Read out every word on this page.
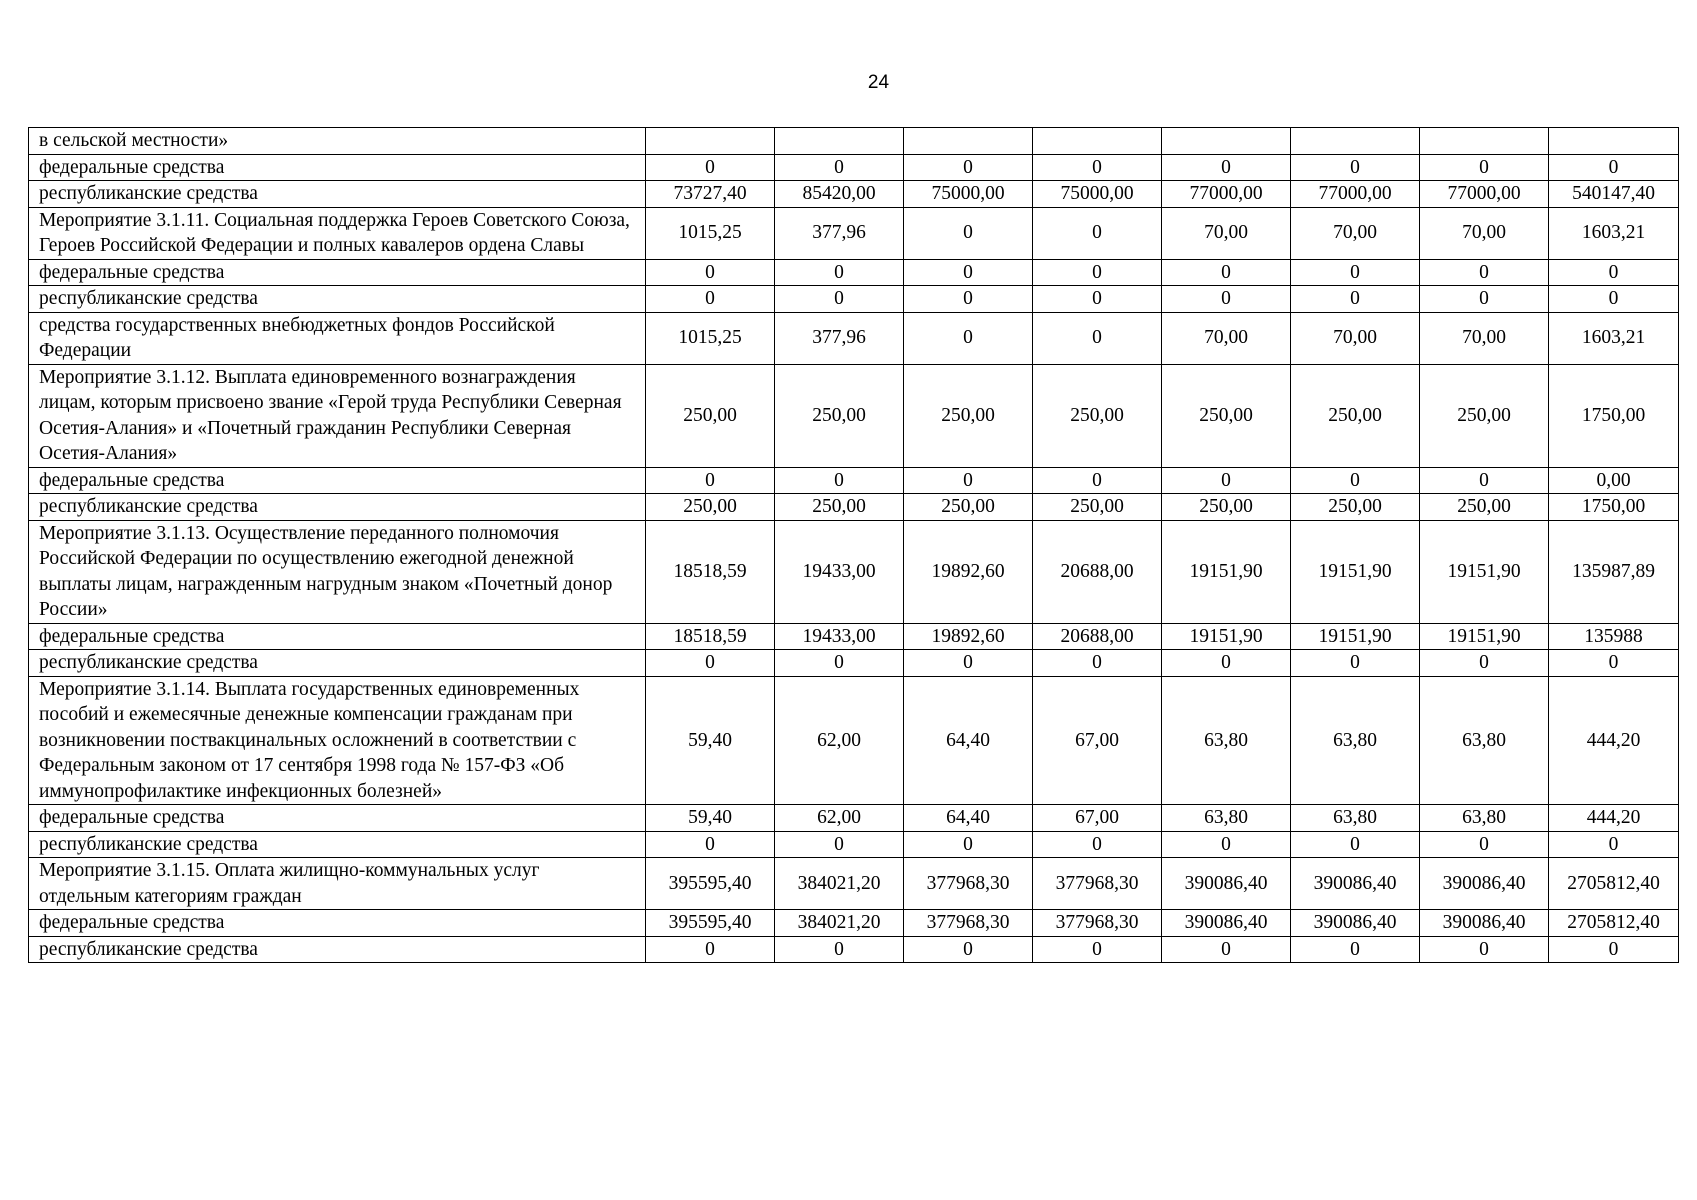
24
в сельской местности»								
федеральные средства	0	0	0	0	0	0	0	0
республиканские средства	73727,40	85420,00	75000,00	75000,00	77000,00	77000,00	77000,00	540147,40
Мероприятие 3.1.11. Социальная поддержка Героев Советского Союза, Героев Российской Федерации и полных кавалеров ордена Славы	1015,25	377,96	0	0	70,00	70,00	70,00	1603,21
федеральные средства	0	0	0	0	0	0	0	0
республиканские средства	0	0	0	0	0	0	0	0
средства государственных внебюджетных фондов Российской Федерации	1015,25	377,96	0	0	70,00	70,00	70,00	1603,21
Мероприятие 3.1.12. Выплата единовременного вознаграждения лицам, которым присвоено звание «Герой труда Республики Северная Осетия-Алания» и «Почетный гражданин Республики Северная Осетия-Алания»	250,00	250,00	250,00	250,00	250,00	250,00	250,00	1750,00
федеральные средства	0	0	0	0	0	0	0	0,00
республиканские средства	250,00	250,00	250,00	250,00	250,00	250,00	250,00	1750,00
Мероприятие 3.1.13. Осуществление переданного полномочия Российской Федерации по осуществлению ежегодной денежной выплаты лицам, награжденным нагрудным знаком «Почетный донор России»	18518,59	19433,00	19892,60	20688,00	19151,90	19151,90	19151,90	135987,89
федеральные средства	18518,59	19433,00	19892,60	20688,00	19151,90	19151,90	19151,90	135988
республиканские средства	0	0	0	0	0	0	0	0
Мероприятие 3.1.14. Выплата государственных единовременных пособий и ежемесячные денежные компенсации гражданам при возникновении поствакцинальных осложнений в соответствии с Федеральным законом от 17 сентября 1998 года № 157-ФЗ «Об иммунопрофилактике инфекционных болезней»	59,40	62,00	64,40	67,00	63,80	63,80	63,80	444,20
федеральные средства	59,40	62,00	64,40	67,00	63,80	63,80	63,80	444,20
республиканские средства	0	0	0	0	0	0	0	0
Мероприятие 3.1.15. Оплата жилищно-коммунальных услуг отдельным категориям граждан	395595,40	384021,20	377968,30	377968,30	390086,40	390086,40	390086,40	2705812,40
федеральные средства	395595,40	384021,20	377968,30	377968,30	390086,40	390086,40	390086,40	2705812,40
республиканские средства	0	0	0	0	0	0	0	0
